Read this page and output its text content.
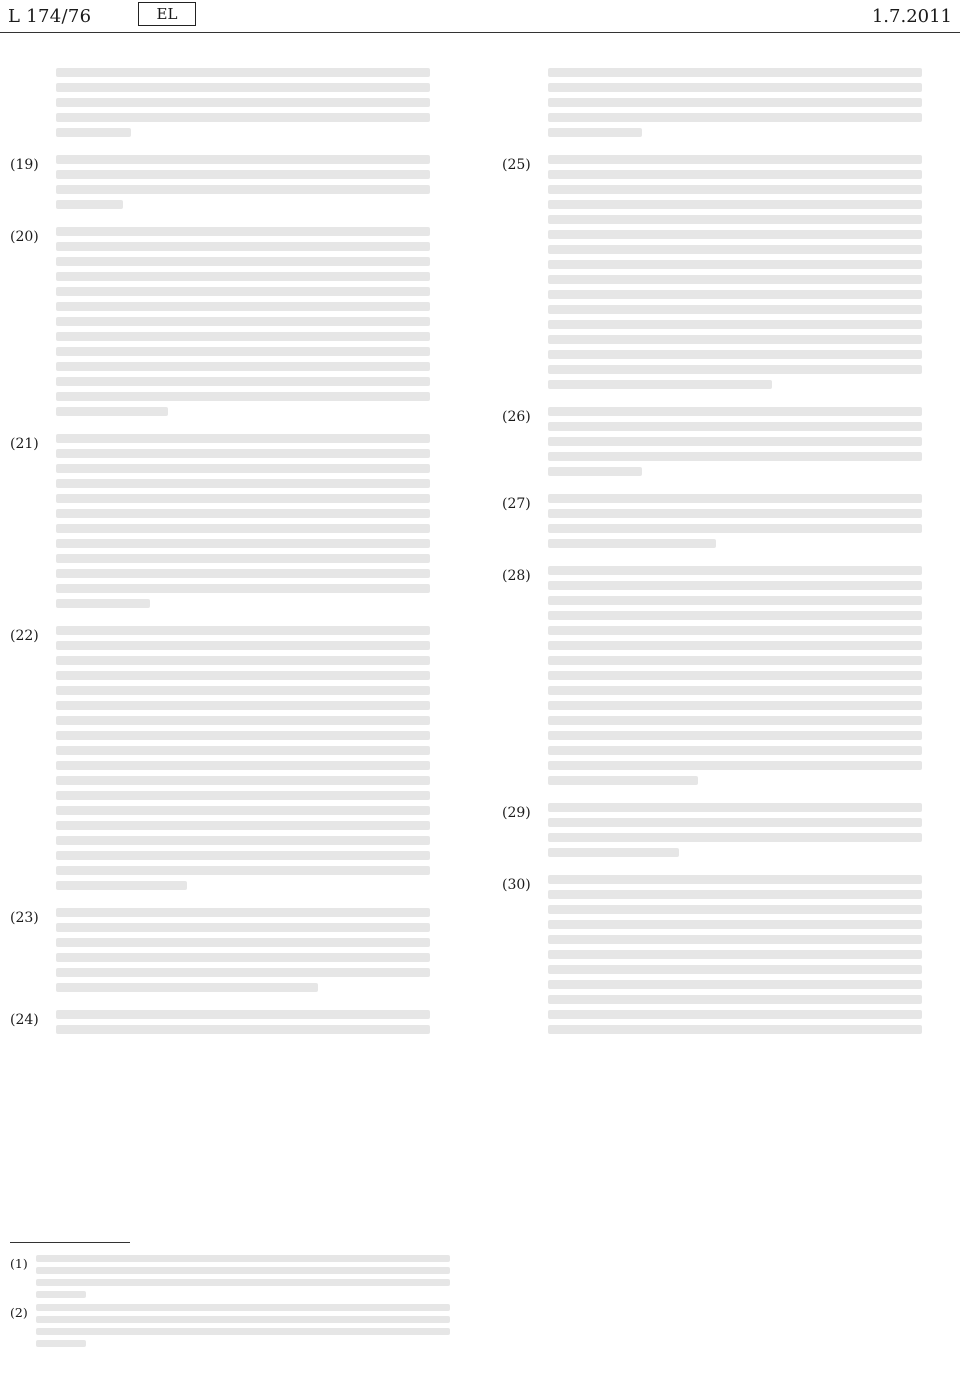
L 174/76	EL	1.7.2011
(19)
(20)
(21)
(22)
(23)
(24)
(25)
(26)
(27)
(28)
(29)
(30)
(1)
(2)
